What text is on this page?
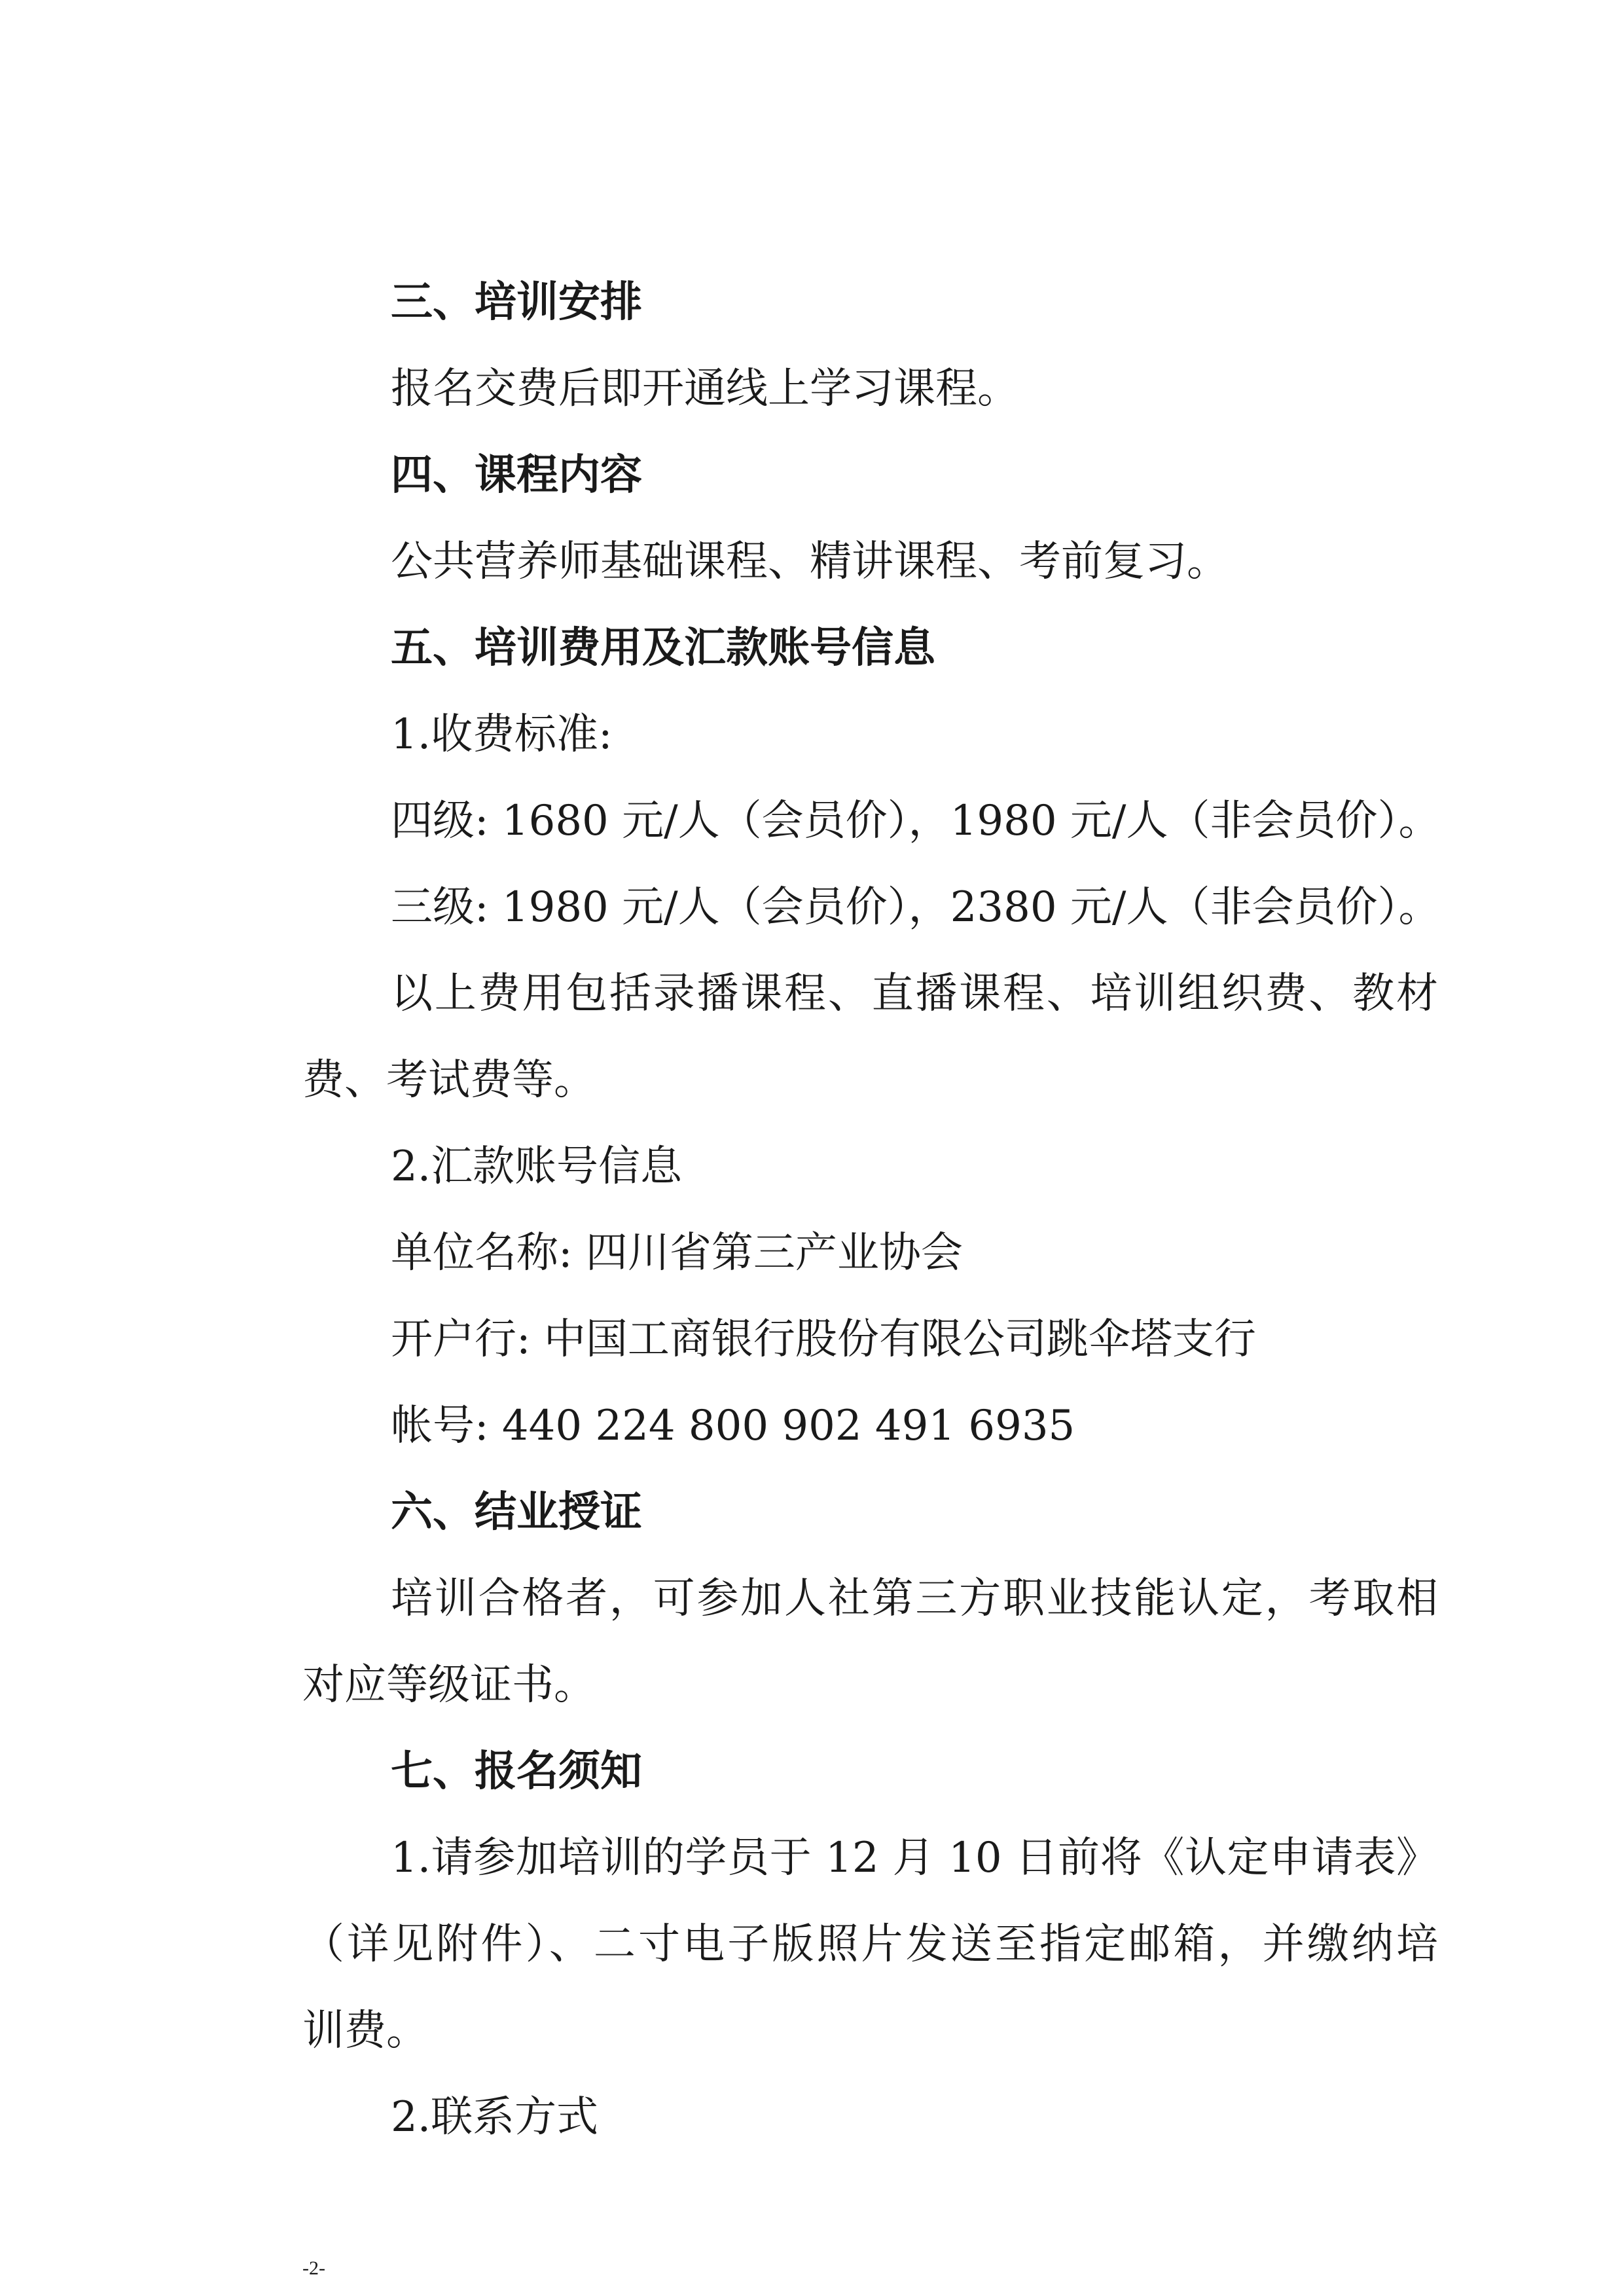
三、培训安排
报名交费后即开通线上学习课程。
四、课程内容
公共营养师基础课程、精讲课程、考前复习。
五、培训费用及汇款账号信息
1.收费标准:
四级: 1680 元/人（会员价），1980 元/人（非会员价）。
三级: 1980 元/人（会员价），2380 元/人（非会员价）。
以上费用包括录播课程、直播课程、培训组织费、教材
费、考试费等。
2.汇款账号信息
单位名称: 四川省第三产业协会
开户行: 中国工商银行股份有限公司跳伞塔支行
帐号: 440 224 800 902 491 6935
六、结业授证
培训合格者，可参加人社第三方职业技能认定，考取相
对应等级证书。
七、报名须知
1.请参加培训的学员于 12 月 10 日前将《认定申请表》
（详见附件）、二寸电子版照片发送至指定邮箱，并缴纳培
训费。
2.联系方式
-2-
